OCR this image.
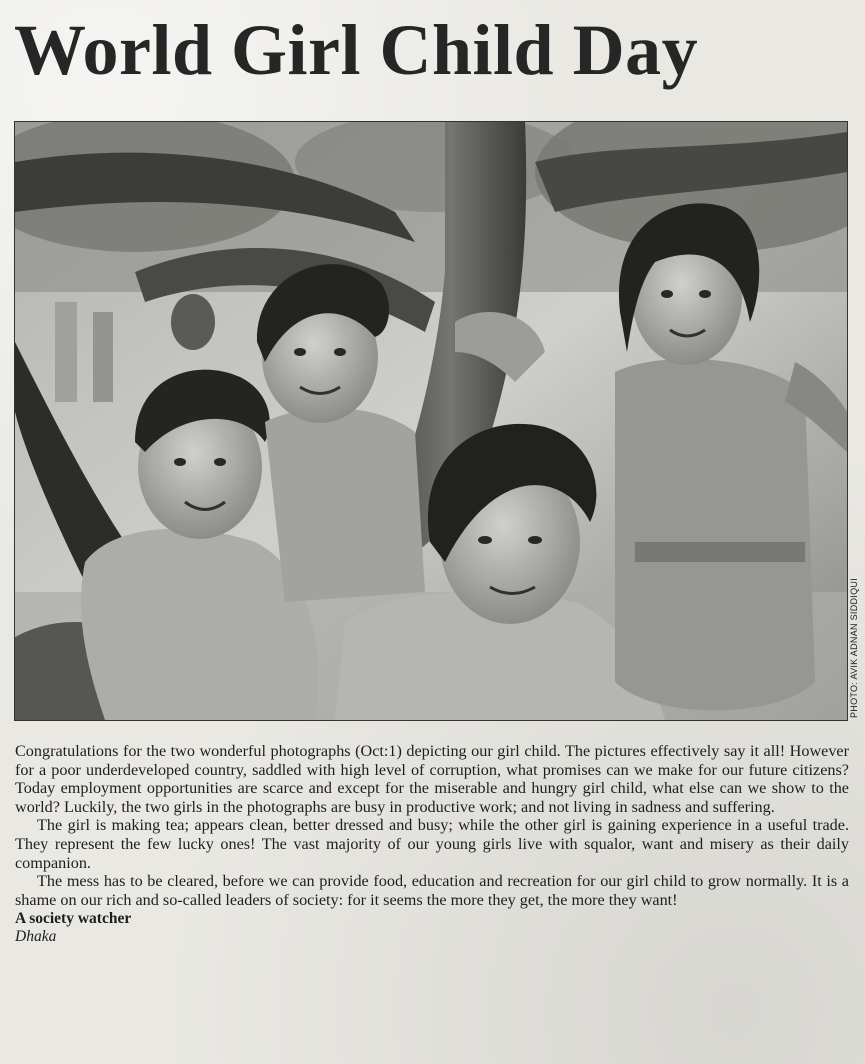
World Girl Child Day
PHOTO: AVIK ADNAN SIDDIQUI

Congratulations for the two wonderful photographs (Oct:1) depicting our girl child. The pictures effectively say it all! However for a poor underdeveloped country, saddled with high level of corruption, what promises can we make for our future citizens? Today employment opportunities are scarce and except for the miserable and hungry girl child, what else can we show to the world? Luckily, the two girls in the photographs are busy in productive work; and not living in sadness and suffering.

The girl is making tea; appears clean, better dressed and busy; while the other girl is gaining experience in a useful trade. They represent the few lucky ones! The vast majority of our young girls live with squalor, want and misery as their daily companion.

The mess has to be cleared, before we can provide food, education and recreation for our girl child to grow normally. It is a shame on our rich and so-called leaders of society: for it seems the more they get, the more they want!

A society watcher
Dhaka
